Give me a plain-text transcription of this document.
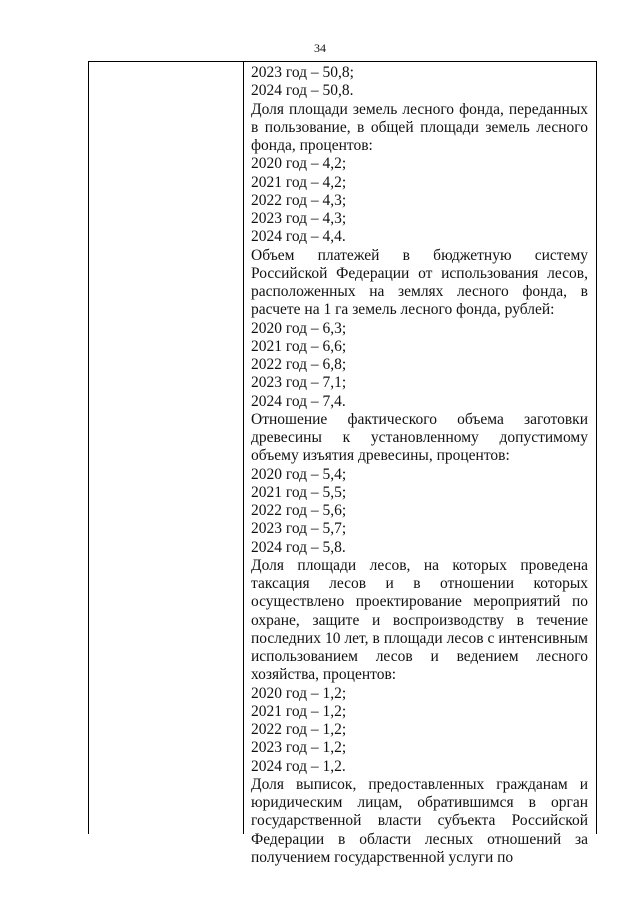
34
2023 год – 50,8;
2024 год – 50,8.
Доля площади земель лесного фонда, переданных в пользование, в общей площади земель лесного фонда, процентов:
2020 год – 4,2;
2021 год – 4,2;
2022 год – 4,3;
2023 год – 4,3;
2024 год – 4,4.
Объем платежей в бюджетную систему Российской Федерации от использования лесов, расположенных на землях лесного фонда, в расчете на 1 га земель лесного фонда, рублей:
2020 год – 6,3;
2021 год – 6,6;
2022 год – 6,8;
2023 год – 7,1;
2024 год – 7,4.
Отношение фактического объема заготовки древесины к установленному допустимому объему изъятия древесины, процентов:
2020 год – 5,4;
2021 год – 5,5;
2022 год – 5,6;
2023 год – 5,7;
2024 год – 5,8.
Доля площади лесов, на которых проведена таксация лесов и в отношении которых осуществлено проектирование мероприятий по охране, защите и воспроизводству в течение последних 10 лет, в площади лесов с интенсивным использованием лесов и ведением лесного хозяйства, процентов:
2020 год – 1,2;
2021 год – 1,2;
2022 год – 1,2;
2023 год – 1,2;
2024 год – 1,2.
Доля выписок, предоставленных гражданам и юридическим лицам, обратившимся в орган государственной власти субъекта Российской Федерации в области лесных отношений за получением государственной услуги по
